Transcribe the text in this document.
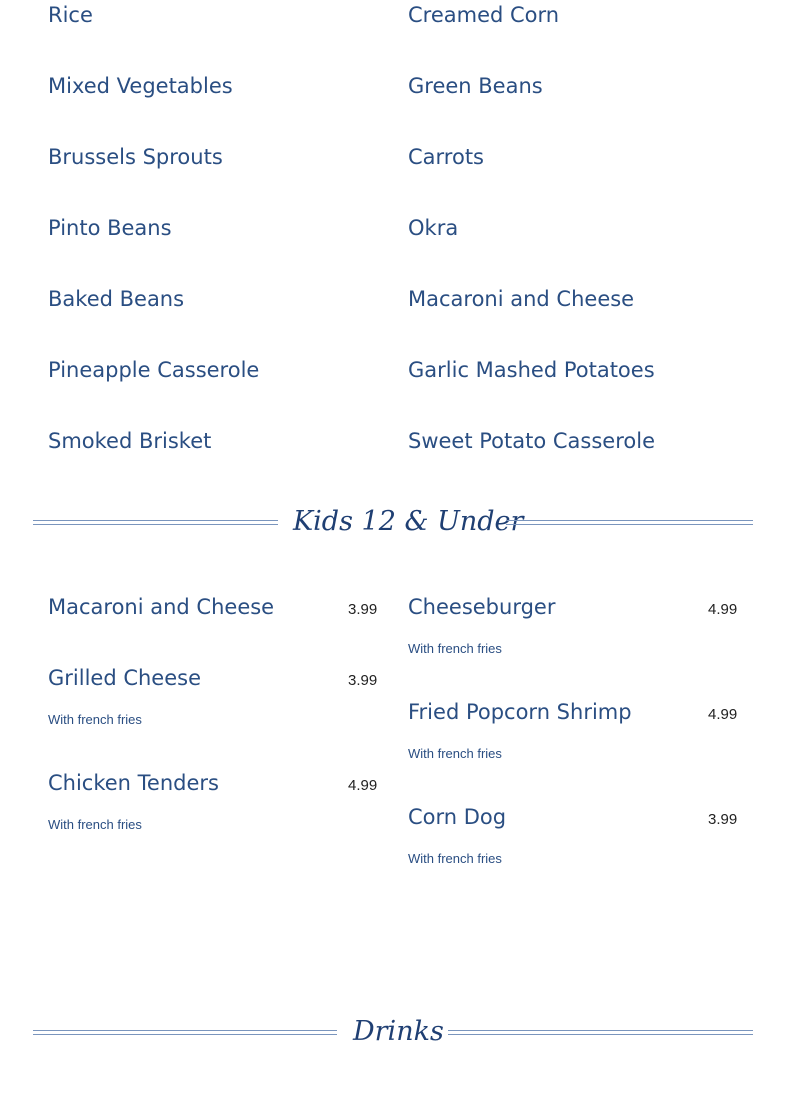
Rice
Mixed Vegetables
Brussels Sprouts
Pinto Beans
Baked Beans
Pineapple Casserole
Smoked Brisket
Creamed Corn
Green Beans
Carrots
Okra
Macaroni and Cheese
Garlic Mashed Potatoes
Sweet Potato Casserole
Kids 12 & Under
Macaroni and Cheese	3.99
Grilled Cheese	3.99
With french fries
Chicken Tenders	4.99
With french fries
Cheeseburger	4.99
With french fries
Fried Popcorn Shrimp	4.99
With french fries
Corn Dog	3.99
With french fries
Drinks
